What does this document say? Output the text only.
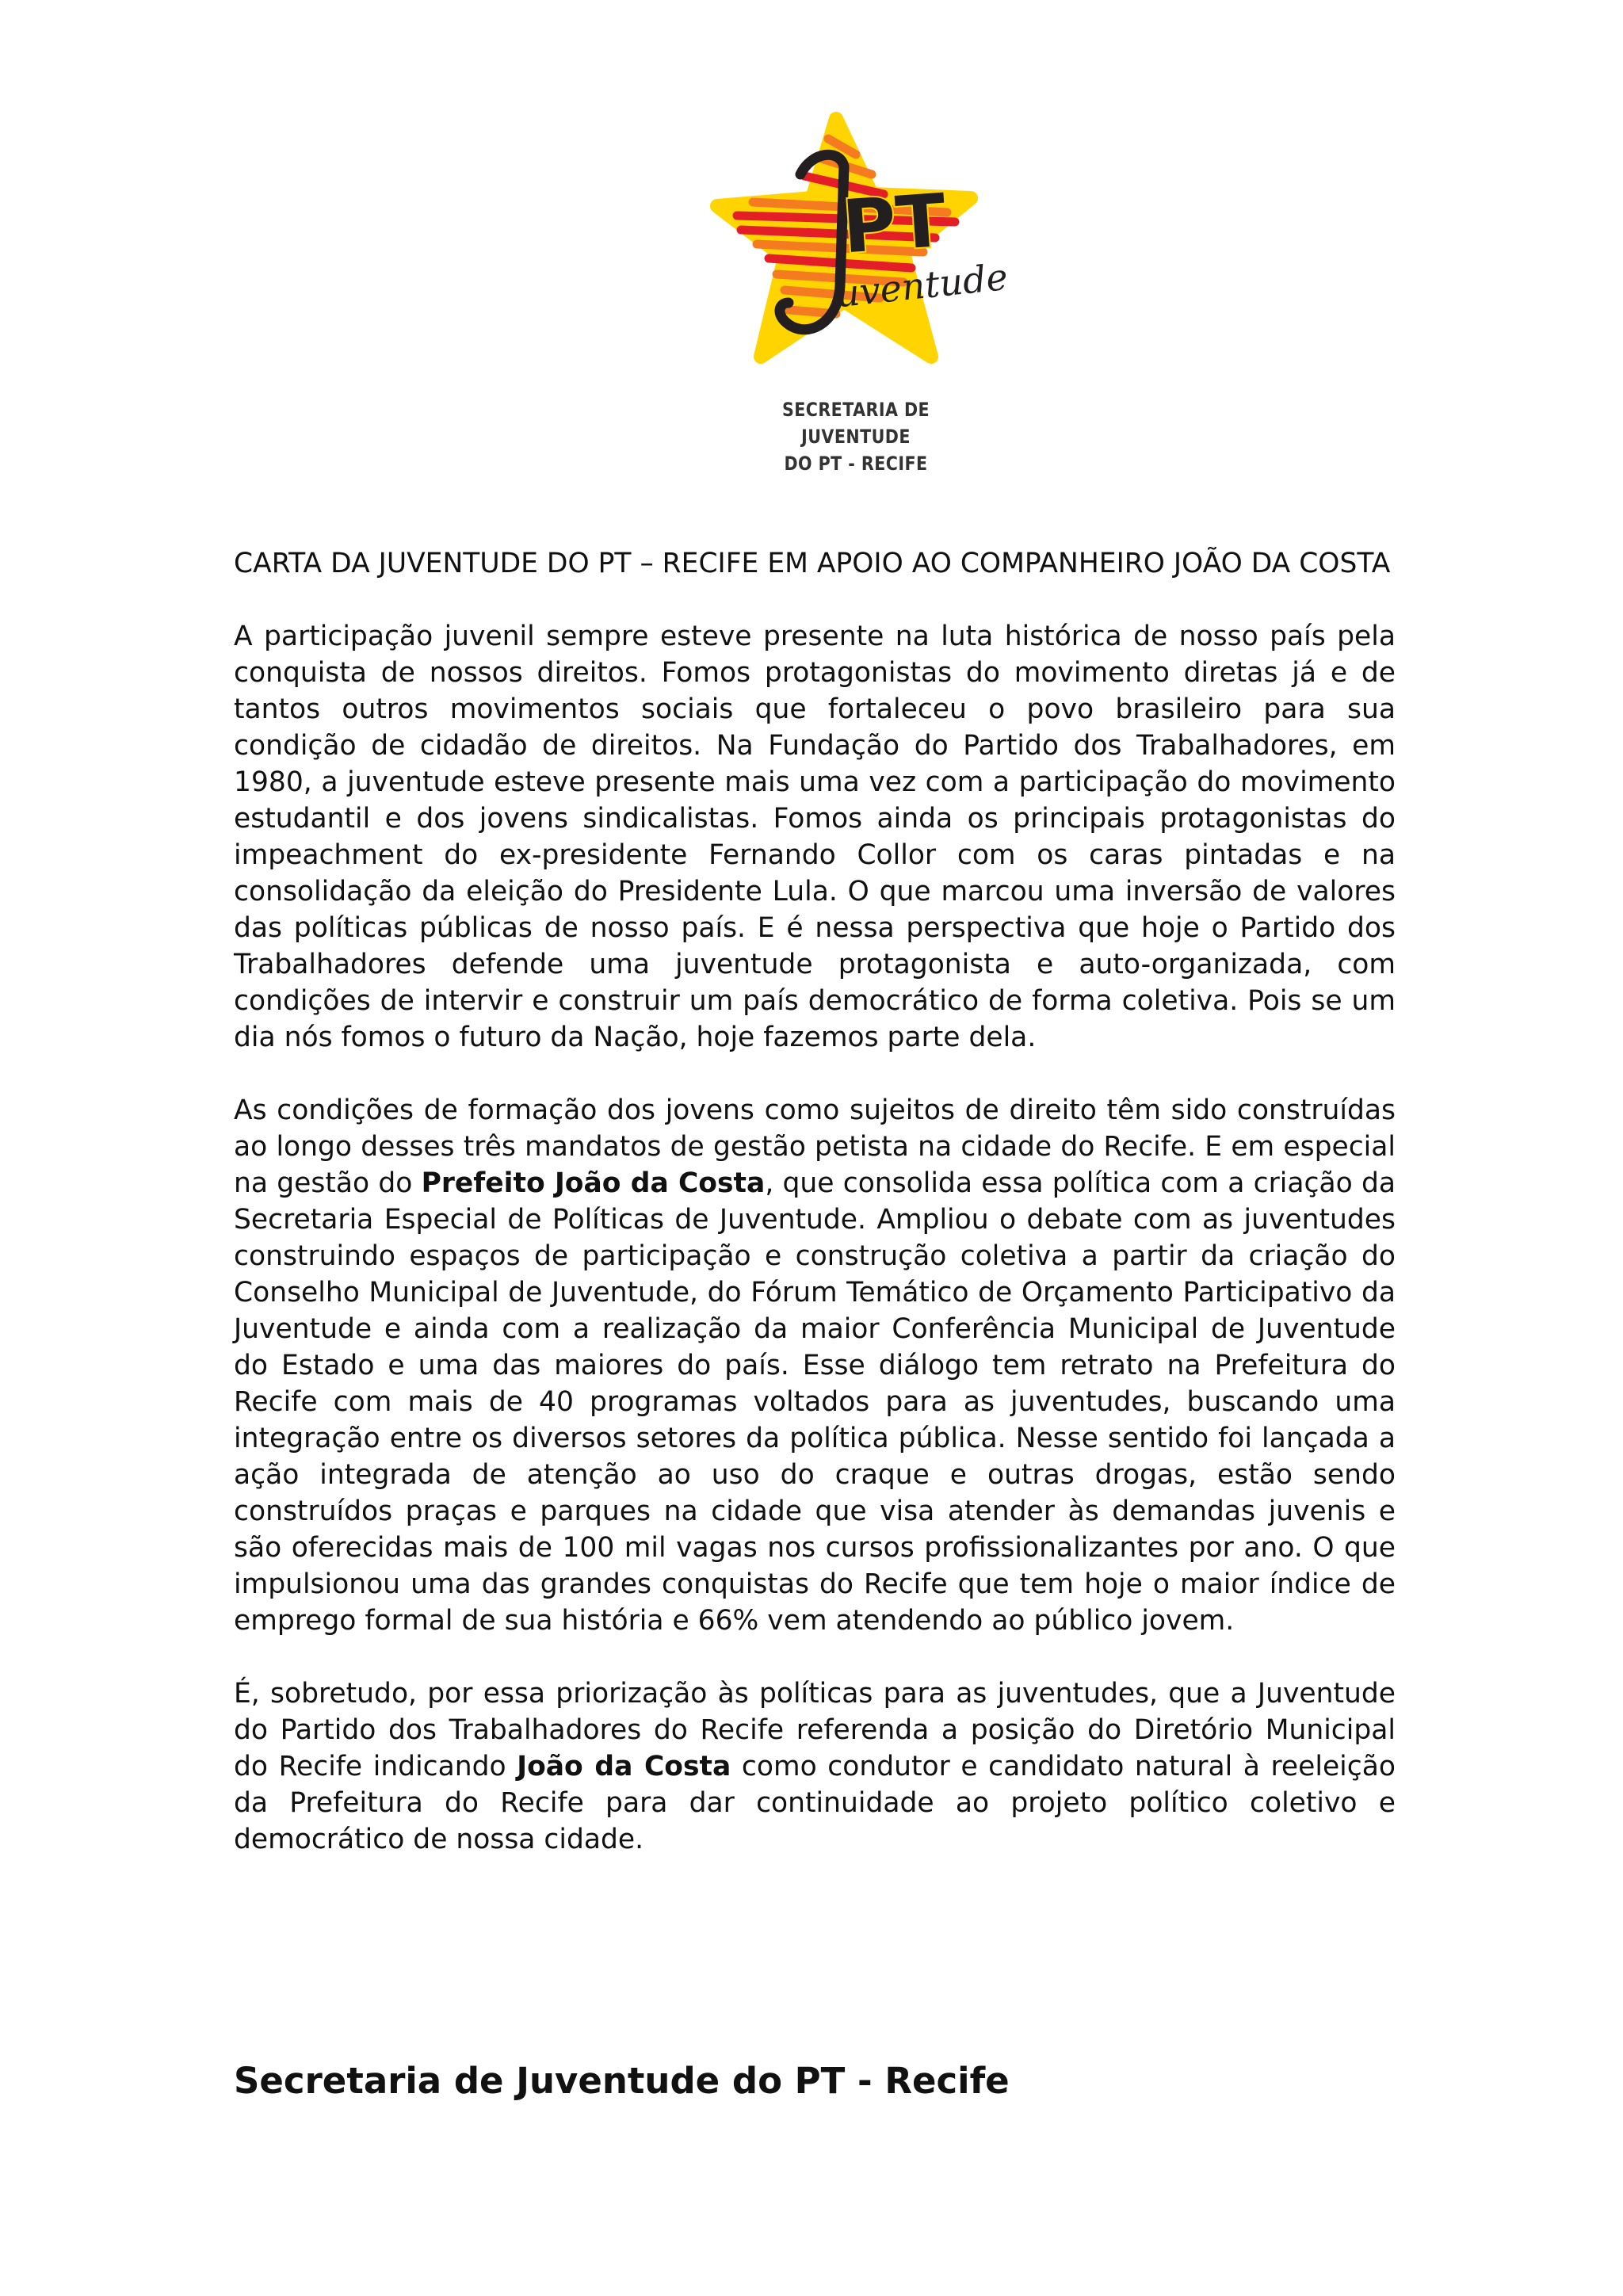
PT
uventude
SECRETARIA DE JUVENTUDE
DO PT - RECIFE
CARTA DA JUVENTUDE DO PT – RECIFE EM APOIO AO COMPANHEIRO JOÃO DA COSTA

A participação juvenil sempre esteve presente na luta histórica de nosso país pela conquista de nossos direitos. Fomos protagonistas do movimento diretas já e de tantos outros movimentos sociais que fortaleceu o povo brasileiro para sua condição de cidadão de direitos. Na Fundação do Partido dos Trabalhadores, em 1980, a juventude esteve presente mais uma vez com a participação do movimento estudantil e dos jovens sindicalistas. Fomos ainda os principais protagonistas do impeachment do ex-presidente Fernando Collor com os caras pintadas e na consolidação da eleição do Presidente Lula. O que marcou uma inversão de valores das políticas públicas de nosso país. E é nessa perspectiva que hoje o Partido dos Trabalhadores defende uma juventude protagonista e auto-organizada, com condições de intervir e construir um país democrático de forma coletiva. Pois se um dia nós fomos o futuro da Nação, hoje fazemos parte dela.

As condições de formação dos jovens como sujeitos de direito têm sido construídas ao longo desses três mandatos de gestão petista na cidade do Recife. E em especial na gestão do Prefeito João da Costa, que consolida essa política com a criação da Secretaria Especial de Políticas de Juventude. Ampliou o debate com as juventudes construindo espaços de participação e construção coletiva a partir da criação do Conselho Municipal de Juventude, do Fórum Temático de Orçamento Participativo da Juventude e ainda com a realização da maior Conferência Municipal de Juventude do Estado e uma das maiores do país. Esse diálogo tem retrato na Prefeitura do Recife com mais de 40 programas voltados para as juventudes, buscando uma integração entre os diversos setores da política pública. Nesse sentido foi lançada a ação integrada de atenção ao uso do craque e outras drogas, estão sendo construídos praças e parques na cidade que visa atender às demandas juvenis e são oferecidas mais de 100 mil vagas nos cursos profissionalizantes por ano. O que impulsionou uma das grandes conquistas do Recife que tem hoje o maior índice de emprego formal de sua história e 66% vem atendendo ao público jovem.

É, sobretudo, por essa priorização às políticas para as juventudes, que a Juventude do Partido dos Trabalhadores do Recife referenda a posição do Diretório Municipal do Recife indicando João da Costa como condutor e candidato natural à reeleição da Prefeitura do Recife para dar continuidade ao projeto político coletivo e democrático de nossa cidade.

Secretaria de Juventude do PT - Recife
